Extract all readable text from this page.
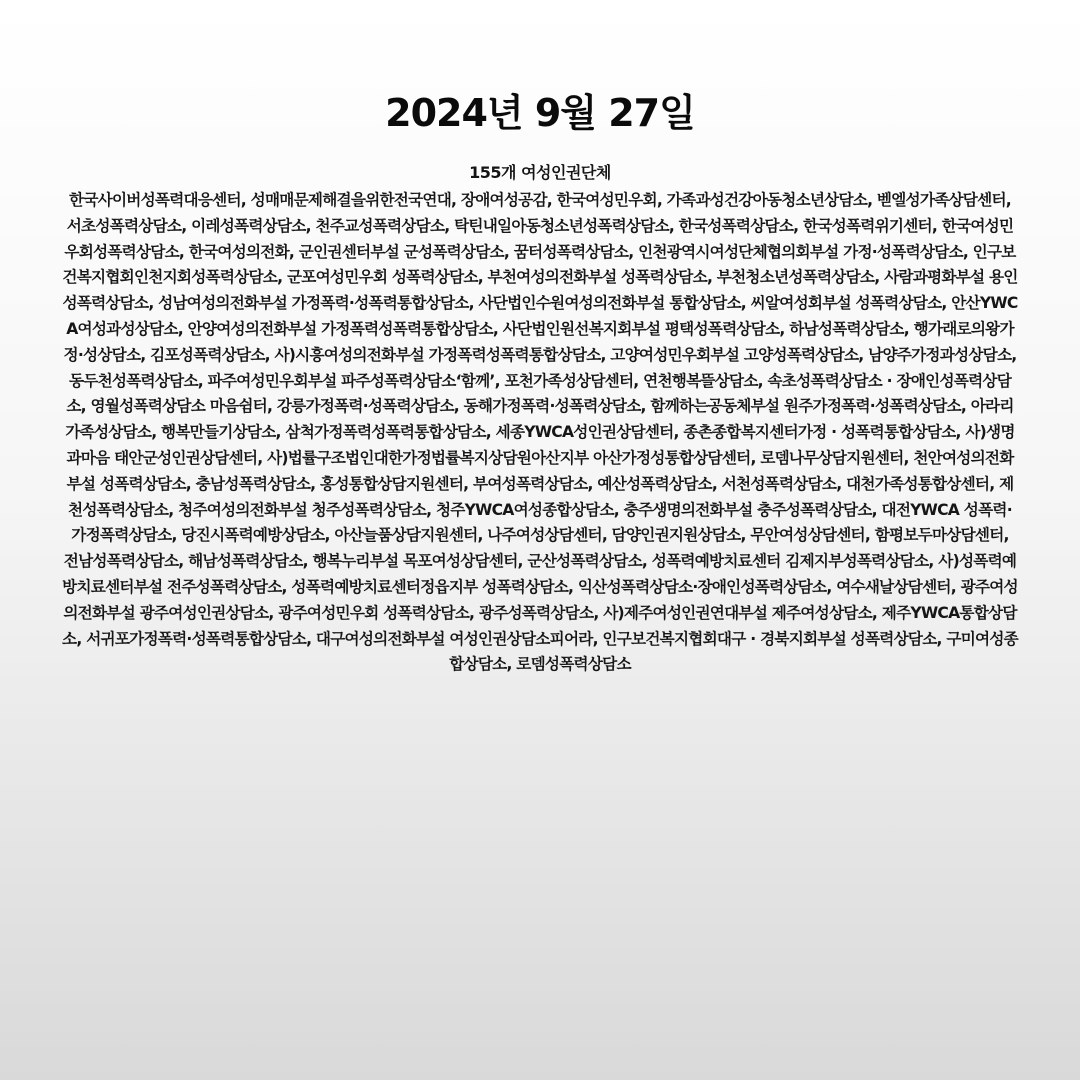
2024년 9월 27일
155개 여성인권단체
한국사이버성폭력대응센터, 성매매문제해결을위한전국연대, 장애여성공감, 한국여성민우회, 가족과성건강아동청소년상담소, 벧엘성가족상담센터, 서초성폭력상담소, 이레성폭력상담소, 천주교성폭력상담소, 탁틴내일아동청소년성폭력상담소, 한국성폭력상담소, 한국성폭력위기센터, 한국여성민우회성폭력상담소, 한국여성의전화, 군인권센터부설 군성폭력상담소, 꿈터성폭력상담소, 인천광역시여성단체협의회부설 가정·성폭력상담소, 인구보건복지협회인천지회성폭력상담소, 군포여성민우회 성폭력상담소, 부천여성의전화부설 성폭력상담소, 부천청소년성폭력상담소, 사람과평화부설 용인성폭력상담소, 성남여성의전화부설 가정폭력·성폭력통합상담소, 사단법인수원여성의전화부설 통합상담소, 씨알여성회부설 성폭력상담소, 안산YWCA여성과성상담소, 안양여성의전화부설 가정폭력성폭력통합상담소, 사단법인원선복지회부설 평택성폭력상담소, 하남성폭력상담소, 행가래로의왕가정·성상담소, 김포성폭력상담소, 사)시흥여성의전화부설 가정폭력성폭력통합상담소, 고양여성민우회부설 고양성폭력상담소, 남양주가정과성상담소, 동두천성폭력상담소, 파주여성민우회부설 파주성폭력상담소‘함께’, 포천가족성상담센터, 연천행복뜰상담소, 속초성폭력상담소 · 장애인성폭력상담소, 영월성폭력상담소 마음쉼터, 강릉가정폭력·성폭력상담소, 동해가정폭력·성폭력상담소, 함께하는공동체부설 원주가정폭력·성폭력상담소, 아라리가족성상담소, 행복만들기상담소, 삼척가정폭력성폭력통합상담소, 세종YWCA성인권상담센터, 종촌종합복지센터가정 · 성폭력통합상담소, 사)생명과마음 태안군성인권상담센터, 사)법률구조법인대한가정법률복지상담원아산지부 아산가정성통합상담센터, 로뎀나무상담지원센터, 천안여성의전화부설 성폭력상담소, 충남성폭력상담소, 홍성통합상담지원센터, 부여성폭력상담소, 예산성폭력상담소, 서천성폭력상담소, 대천가족성통합상센터, 제천성폭력상담소, 청주여성의전화부설 청주성폭력상담소, 청주YWCA여성종합상담소, 충주생명의전화부설 충주성폭력상담소, 대전YWCA 성폭력·가정폭력상담소, 당진시폭력예방상담소, 아산늘품상담지원센터, 나주여성상담센터, 담양인권지원상담소, 무안여성상담센터, 함평보두마상담센터, 전남성폭력상담소, 해남성폭력상담소, 행복누리부설 목포여성상담센터, 군산성폭력상담소, 성폭력예방치료센터 김제지부성폭력상담소, 사)성폭력예방치료센터부설 전주성폭력상담소, 성폭력예방치료센터정읍지부 성폭력상담소, 익산성폭력상담소·장애인성폭력상담소, 여수새날상담센터, 광주여성의전화부설 광주여성인권상담소, 광주여성민우회 성폭력상담소, 광주성폭력상담소, 사)제주여성인권연대부설 제주여성상담소, 제주YWCA통합상담소, 서귀포가정폭력·성폭력통합상담소, 대구여성의전화부설 여성인권상담소피어라, 인구보건복지협회대구 · 경북지회부설 성폭력상담소, 구미여성종합상담소, 로뎀성폭력상담소
